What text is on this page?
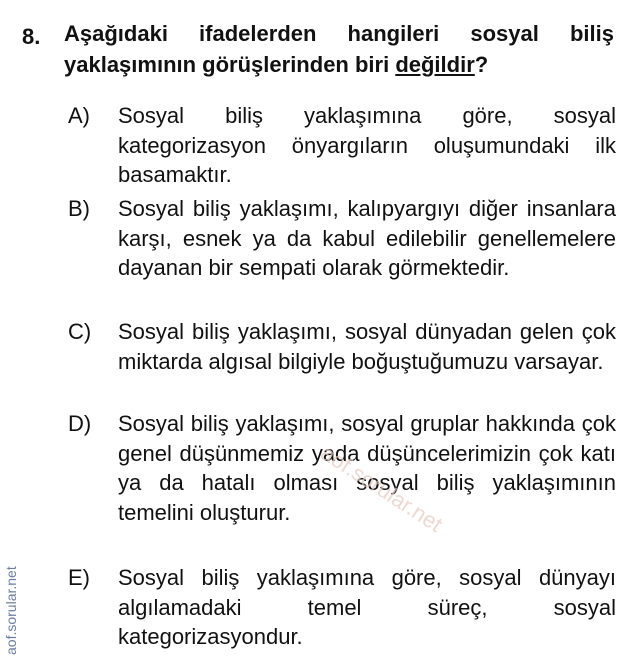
8. Aşağıdaki ifadelerden hangileri sosyal biliş yaklaşımının görüşlerinden biri değildir?
A) Sosyal biliş yaklaşımına göre, sosyal kategorizasyon önyargıların oluşumundaki ilk basamaktır.
B) Sosyal biliş yaklaşımı, kalıpyargıyı diğer insanlara karşı, esnek ya da kabul edilebilir genellemelere dayanan bir sempati olarak görmektedir.
C) Sosyal biliş yaklaşımı, sosyal dünyadan gelen çok miktarda algısal bilgiyle boğuştuğumuzu varsayar.
D) Sosyal biliş yaklaşımı, sosyal gruplar hakkında çok genel düşünmemiz yada düşüncelerimizin çok katı ya da hatalı olması sosyal biliş yaklaşımının temelini oluşturur.
E) Sosyal biliş yaklaşımına göre, sosyal dünyayı algılamadaki temel süreç, sosyal kategorizasyondur.
aof.sorular.net
aof.sorular.net
